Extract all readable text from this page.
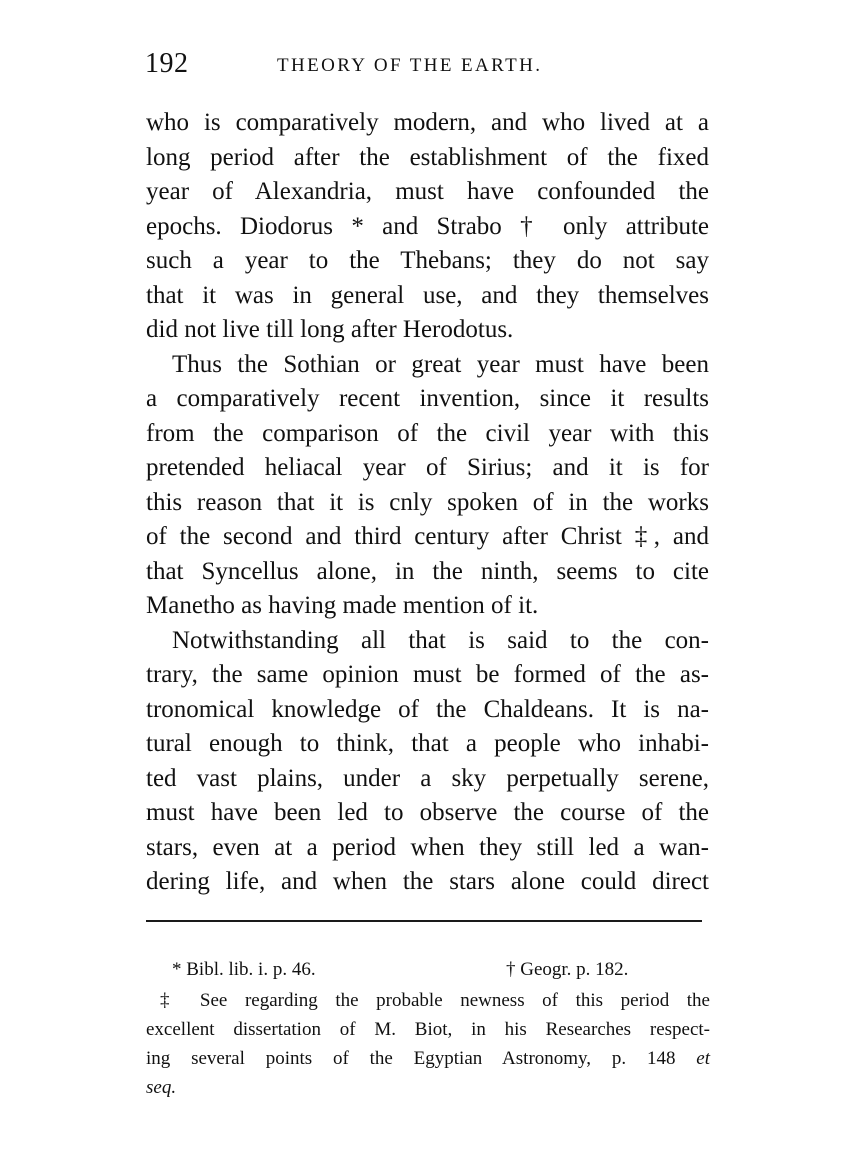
192	THEORY OF THE EARTH.
who is comparatively modern, and who lived at a
long period after the establishment of the fixed
year of Alexandria, must have confounded the
epochs. Diodorus * and Strabo † only attribute
such a year to the Thebans; they do not say
that it was in general use, and they themselves
did not live till long after Herodotus.
Thus the Sothian or great year must have been
a comparatively recent invention, since it results
from the comparison of the civil year with this
pretended heliacal year of Sirius; and it is for
this reason that it is cnly spoken of in the works
of the second and third century after Christ ‡, and
that Syncellus alone, in the ninth, seems to cite
Manetho as having made mention of it.
Notwithstanding all that is said to the con-
trary, the same opinion must be formed of the as-
tronomical knowledge of the Chaldeans. It is na-
tural enough to think, that a people who inhabi-
ted vast plains, under a sky perpetually serene,
must have been led to observe the course of the
stars, even at a period when they still led a wan-
dering life, and when the stars alone could direct
* Bibl. lib. i. p. 46.	† Geogr. p. 182.
‡ See regarding the probable newness of this period the
excellent dissertation of M. Biot, in his Researches respect-
ing several points of the Egyptian Astronomy, p. 148 et
seq.
